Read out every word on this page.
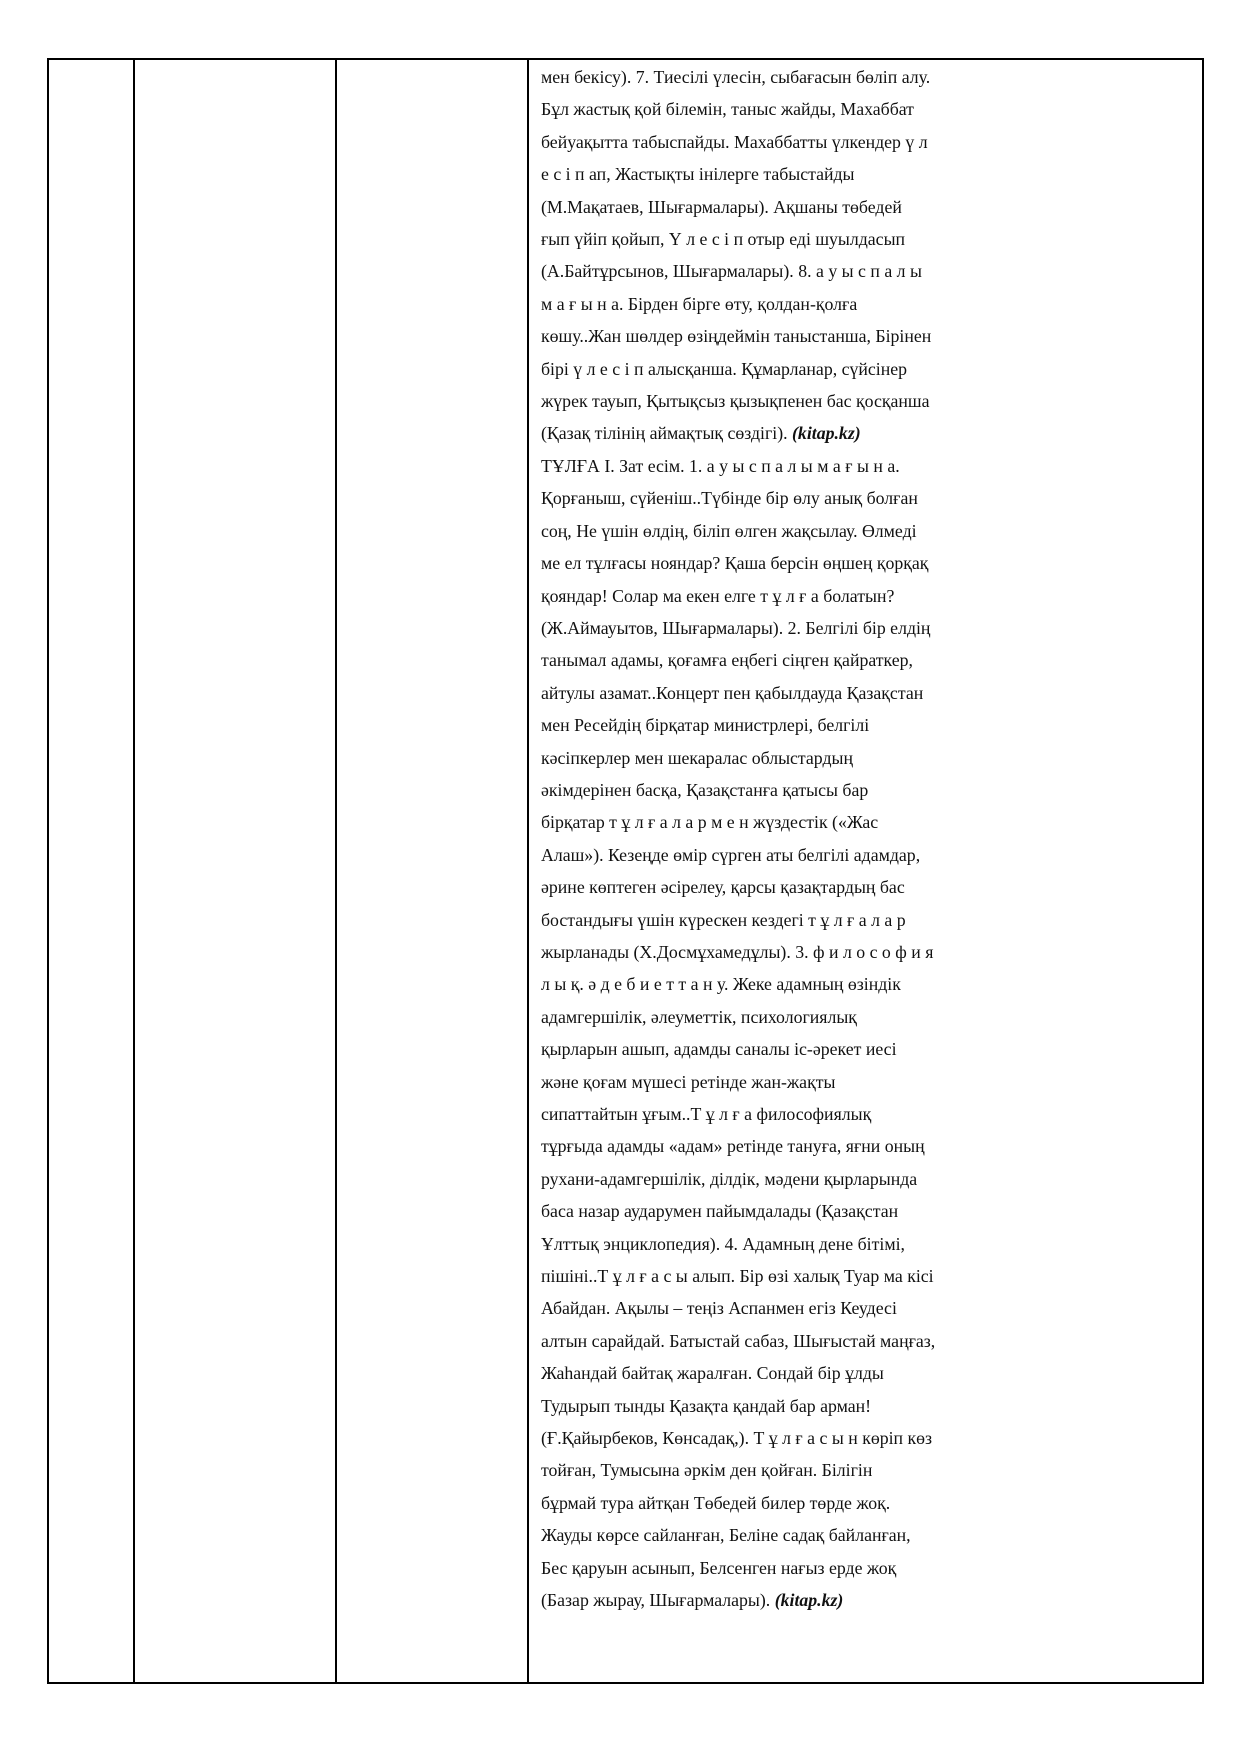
мен бекісу). 7. Тиесілі үлесін, сыбағасын бөліп алу.
Бұл жастық қой білемін, таныс жайды, Махаббат
бейуақытта табыспайды. Махаббатты үлкендер ү л
е с і п ап, Жастықты інілерге табыстайды
(М.Мақатаев, Шығармалары). Ақшаны төбедей
ғып үйіп қойып, Ү л е с і п отыр еді шуылдасып
(А.Байтұрсынов, Шығармалары). 8. а у ы с п а л ы
м а ғ ы н а. Бірден бірге өту, қолдан-қолға
көшу..Жан шөлдер өзіңдеймін таныстанша, Бірінен
бірі ү л е с і п алысқанша. Құмарланар, сүйсінер
жүрек тауып, Қытықсыз қызықпенен бас қосқанша
(Қазақ тілінің аймақтық сөздігі). (kitap.kz)
ТҰЛҒА І. Зат есім. 1. а у ы с п а л ы м а ғ ы н а.
Қорғаныш, сүйеніш..Түбінде бір өлу анық болған
соң, Не үшін өлдің, біліп өлген жақсылау. Өлмеді
ме ел тұлғасы нояндар? Қаша берсін өңшең қорқақ
қояндар! Солар ма екен елге т ұ л ғ а болатын?
(Ж.Аймауытов, Шығармалары). 2. Белгілі бір елдің
танымал адамы, қоғамға еңбегі сіңген қайраткер,
айтулы азамат..Концерт пен қабылдауда Қазақстан
мен Ресейдің бірқатар министрлері, белгілі
кәсіпкерлер мен шекаралас облыстардың
әкімдерінен басқа, Қазақстанға қатысы бар
бірқатар т ұ л ғ а л а р м е н жүздестік («Жас
Алаш»). Кезеңде өмір сүрген аты белгілі адамдар,
әрине көптеген әсірелеу, қарсы қазақтардың бас
бостандығы үшін күрескен кездегі т ұ л ғ а л а р
жырланады (Х.Досмұхамедұлы). 3. ф и л о с о ф и я
л ы қ. ә д е б и е т т а н у. Жеке адамның өзіндік
адамгершілік, әлеуметтік, психологиялық
қырларын ашып, адамды саналы іс-әрекет иесі
және қоғам мүшесі ретінде жан-жақты
сипаттайтын ұғым..Т ұ л ғ а философиялық
тұрғыда адамды «адам» ретінде тануға, яғни оның
рухани-адамгершілік, ділдік, мәдени қырларында
баса назар аударумен пайымдалады (Қазақстан
Ұлттық энциклопедия). 4. Адамның дене бітімі,
пішіні..Т ұ л ғ а с ы алып. Бір өзі халық Туар ма кісі
Абайдан. Ақылы – теңіз Аспанмен егіз Кеудесі
алтын сарайдай. Батыстай сабаз, Шығыстай маңғаз,
Жаһандай байтақ жаралған. Сондай бір ұлды
Тудырып тынды Қазақта қандай бар арман!
(Ғ.Қайырбеков, Көнсадақ,). Т ұ л ғ а с ы н көріп көз
тойған, Тумысына әркім ден қойған. Білігін
бұрмай тура айтқан Төбедей билер төрде жоқ.
Жауды көрсе сайланған, Беліне садақ байланған,
Бес қаруын асынып, Белсенген нағыз ерде жоқ
(Базар жырау, Шығармалары). (kitap.kz)
